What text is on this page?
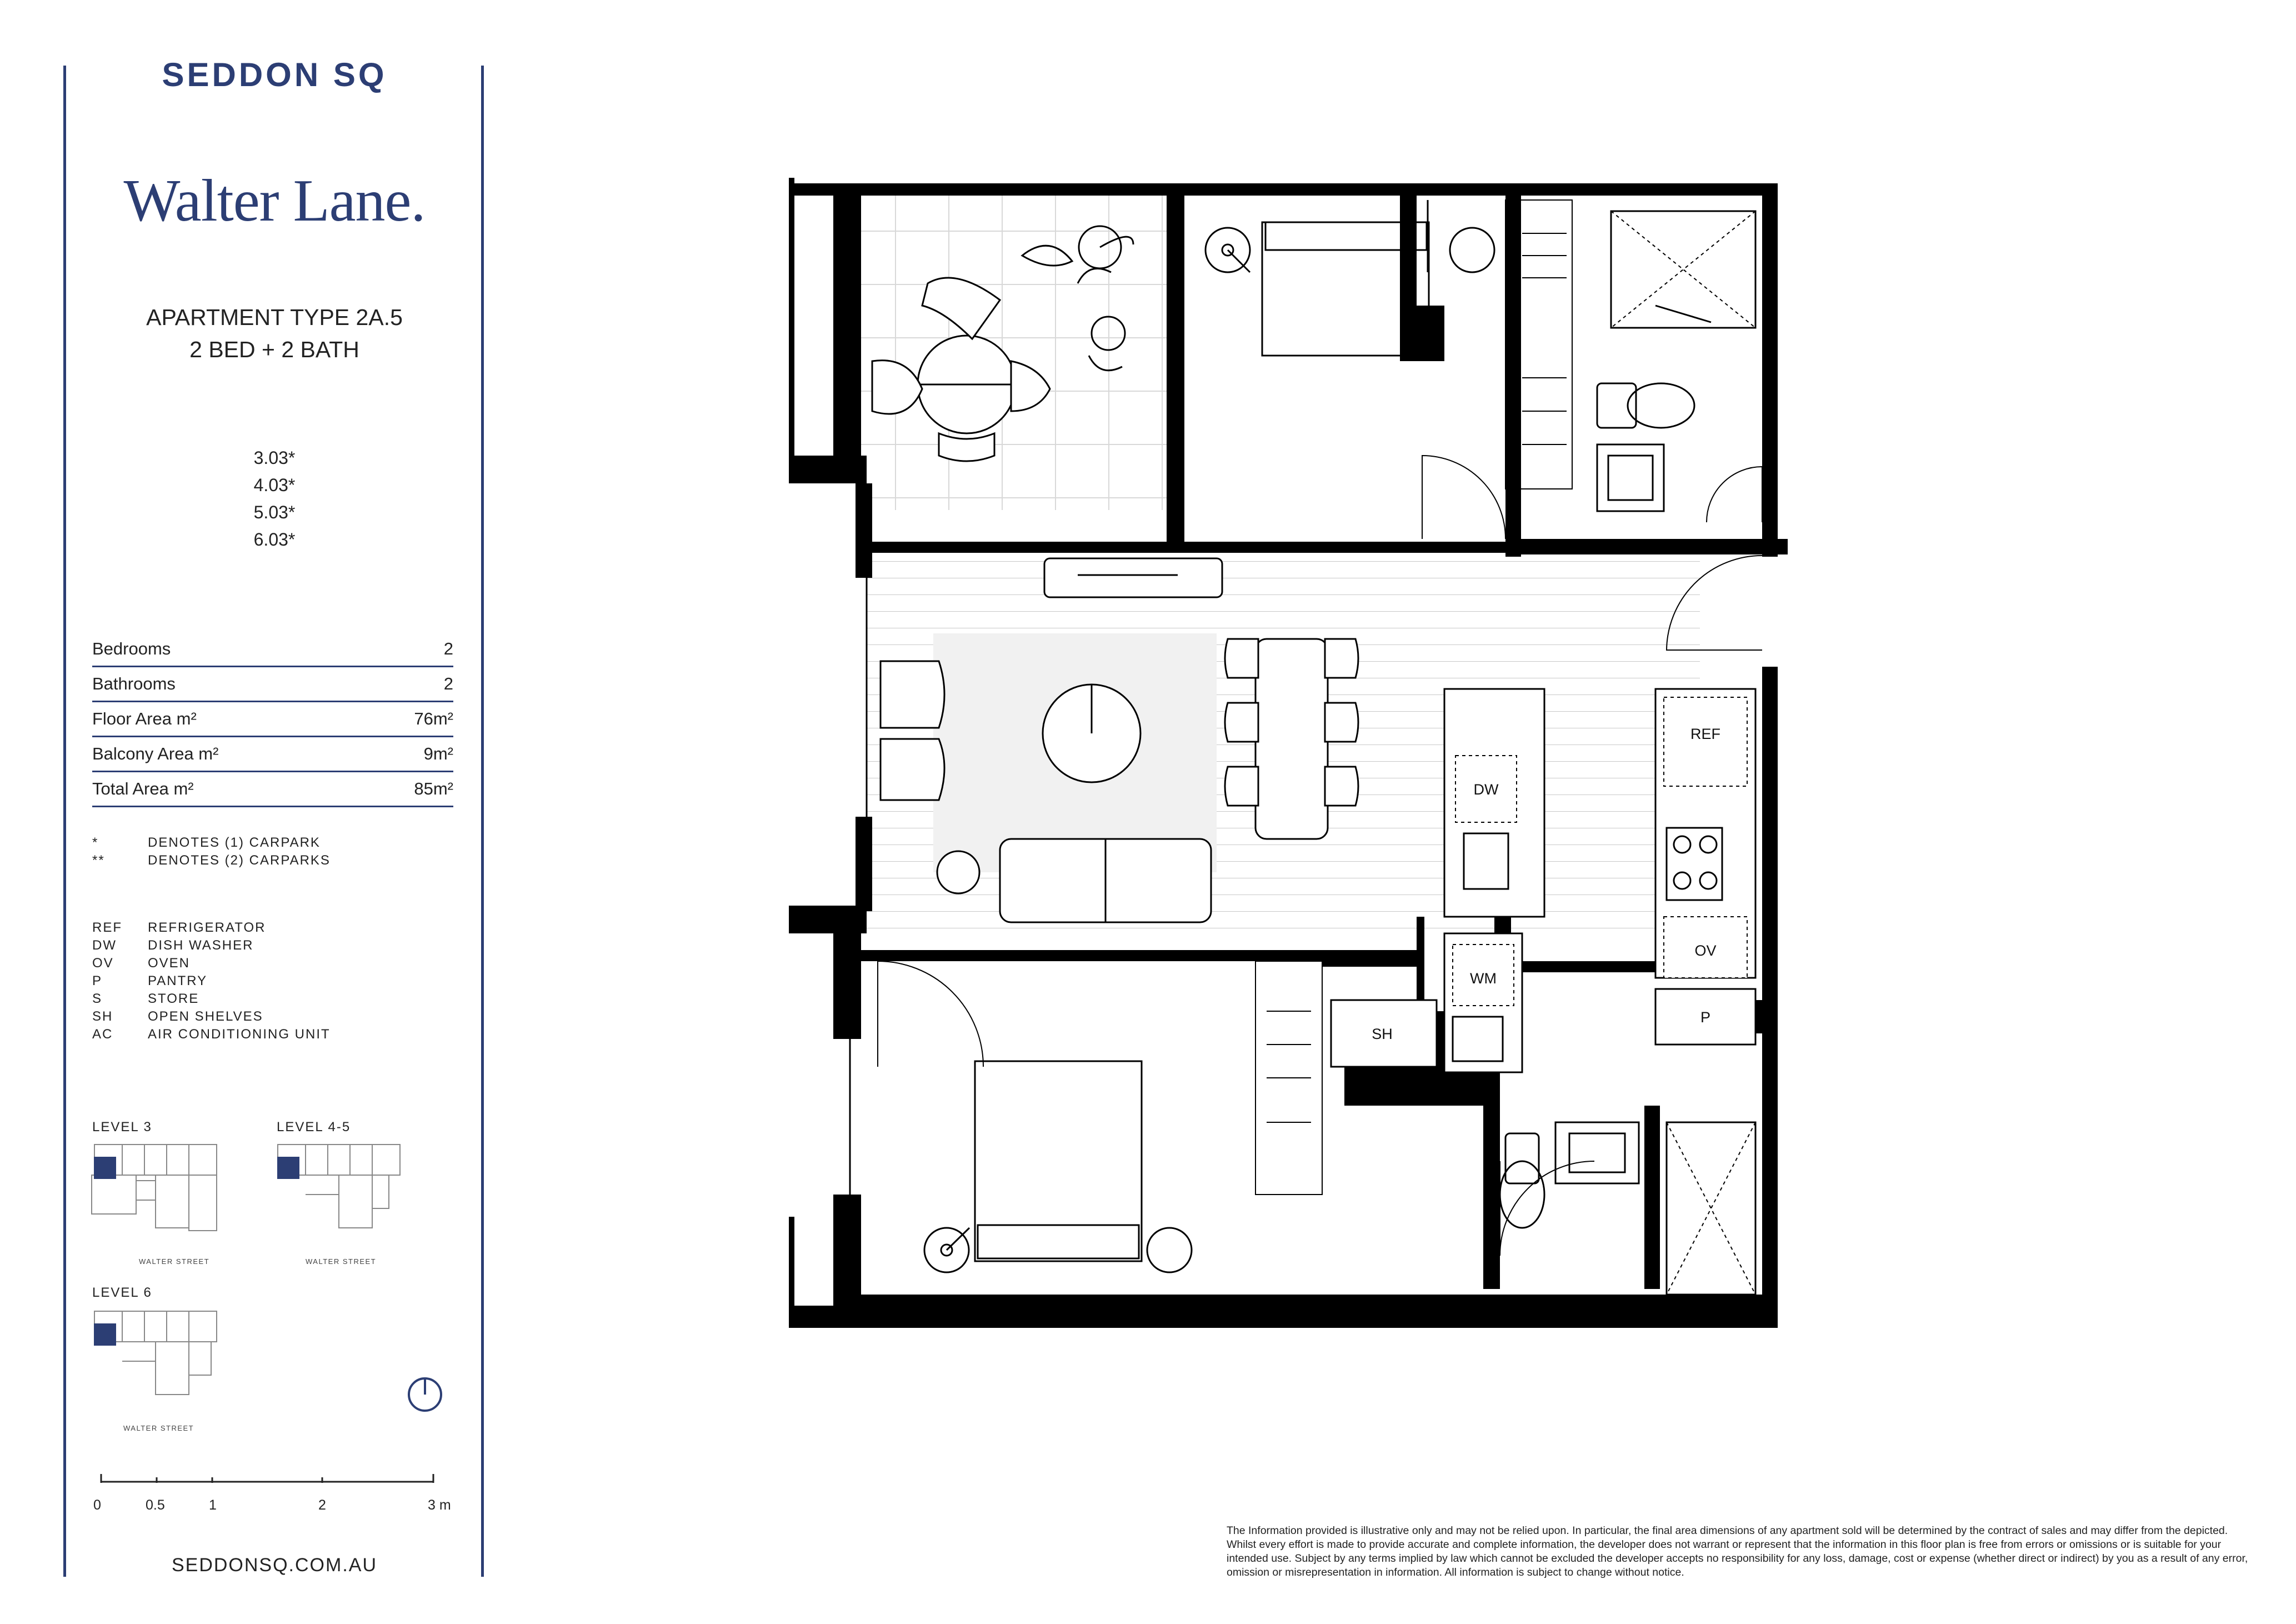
SEDDON SQ
Walter Lane.
APARTMENT TYPE 2A.5
2 BED + 2 BATH
3.03*
4.03*
5.03*
6.03*
Bedrooms	2
Bathrooms	2
Floor Area m²	76m²
Balcony Area m²	9m²
Total Area m²	85m²
*	DENOTES (1) CARPARK
**	DENOTES (2) CARPARKS
REF	REFRIGERATOR
DW	DISH WASHER
OV	OVEN
P	PANTRY
S	STORE
SH	OPEN SHELVES
AC	AIR CONDITIONING UNIT
LEVEL 3	LEVEL 4-5
LEVEL 6
WALTER STREET	WALTER STREET
WALTER STREET
0	0.5	1	2	3 m
SEDDONSQ.COM.AU
REF
DW
WM
OV
SH
P
The Information provided is illustrative only and may not be relied upon. In particular, the final area dimensions of any apartment sold will be determined by the contract of sales and may differ from the depicted. Whilst every effort is made to provide accurate and complete information, the developer does not warrant or represent that the information in this floor plan is free from errors or omissions or is suitable for your intended use. Subject by any terms implied by law which cannot be excluded the developer accepts no responsibility for any loss, damage, cost or expense (whether direct or indirect) by you as a result of any error, omission or misrepresentation in information. All information is subject to change without notice.
